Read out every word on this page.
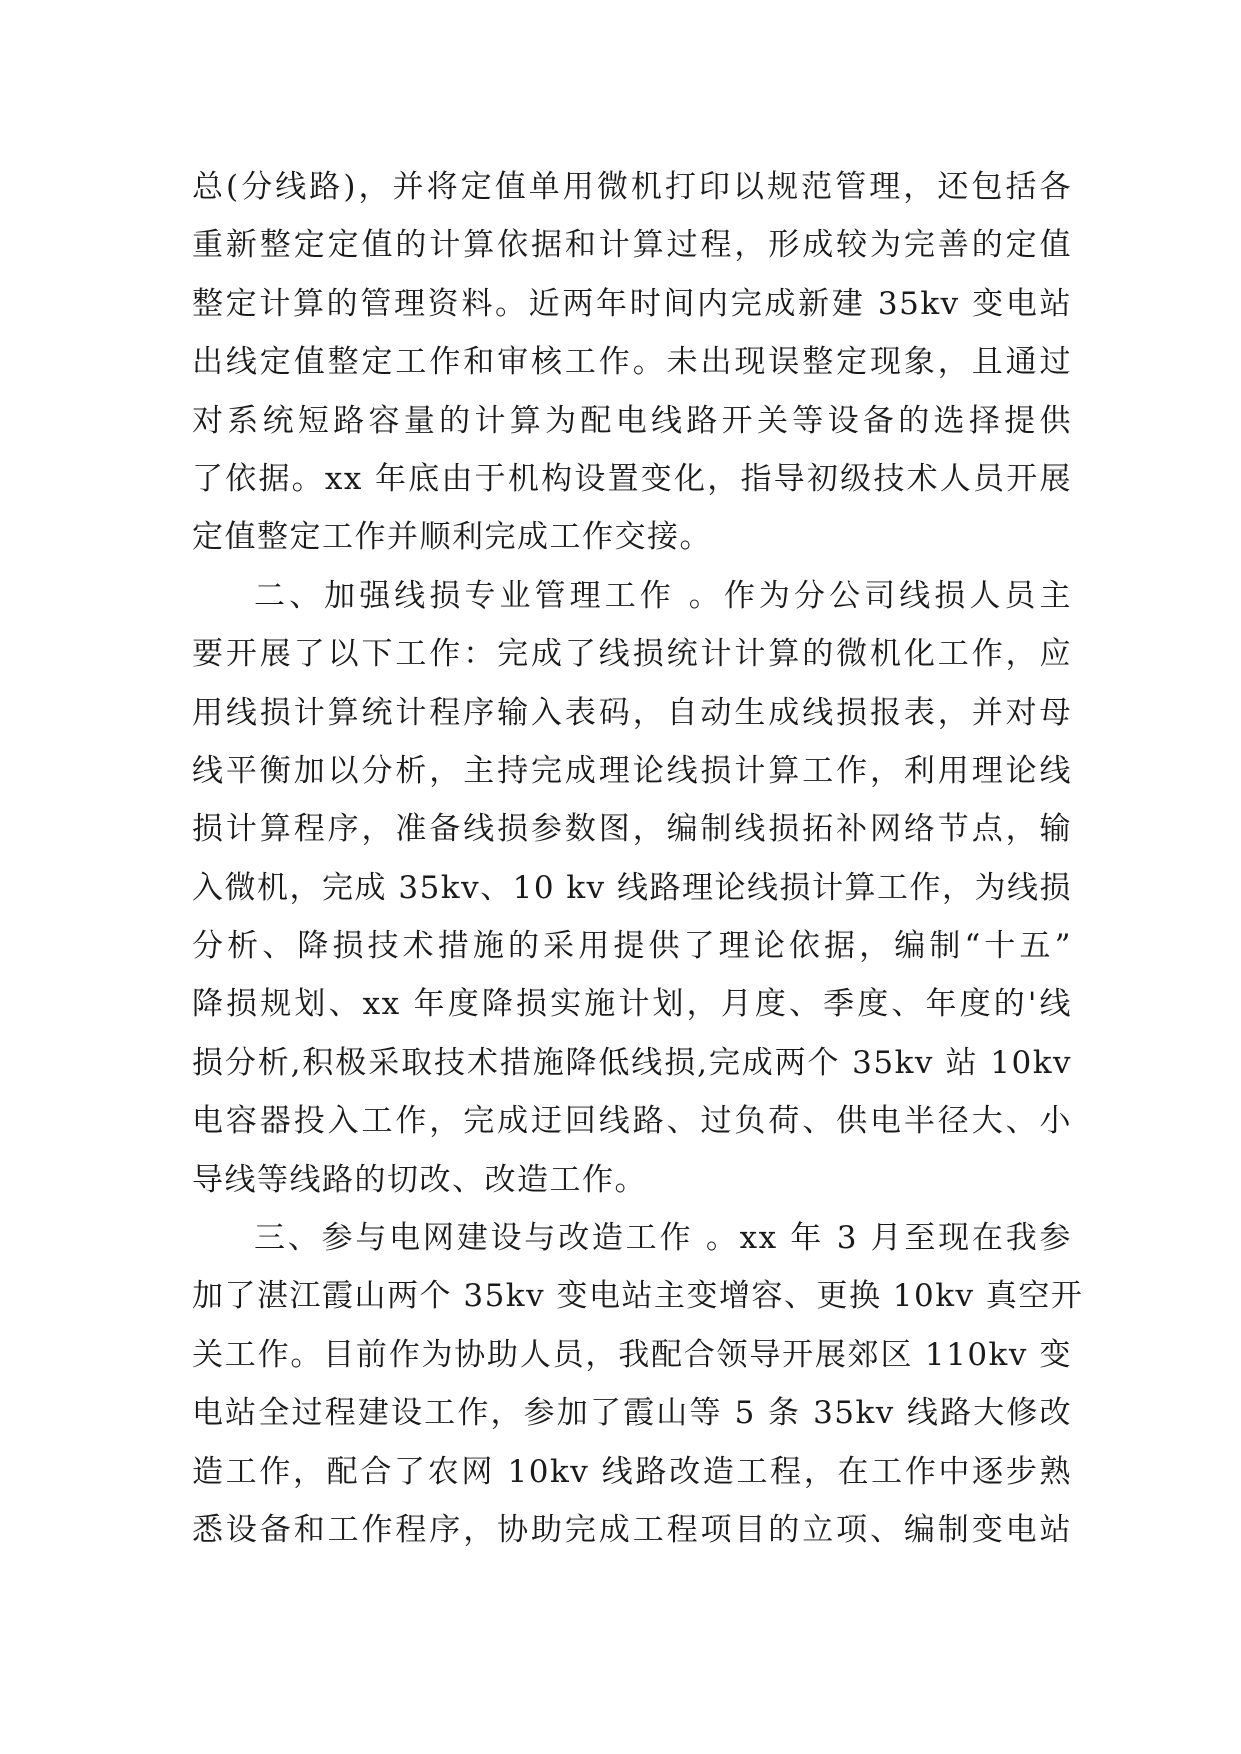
总(分线路)，并将定值单用微机打印以规范管理，还包括各
重新整定定值的计算依据和计算过程，形成较为完善的定值
整定计算的管理资料。近两年时间内完成新建 35kv 变电站
出线定值整定工作和审核工作。未出现误整定现象，且通过
对系统短路容量的计算为配电线路开关等设备的选择提供
了依据。xx 年底由于机构设置变化，指导初级技术人员开展
定值整定工作并顺利完成工作交接。
二、加强线损专业管理工作 。作为分公司线损人员主
要开展了以下工作：完成了线损统计计算的微机化工作，应
用线损计算统计程序输入表码，自动生成线损报表，并对母
线平衡加以分析，主持完成理论线损计算工作，利用理论线
损计算程序，准备线损参数图，编制线损拓补网络节点，输
入微机，完成 35kv、10 kv 线路理论线损计算工作，为线损
分析、降损技术措施的采用提供了理论依据，编制“十五”
降损规划、xx 年度降损实施计划，月度、季度、年度的'线
损分析,积极采取技术措施降低线损,完成两个 35kv 站 10kv
电容器投入工作，完成迂回线路、过负荷、供电半径大、小
导线等线路的切改、改造工作。
三、参与电网建设与改造工作 。xx 年 3 月至现在我参
加了湛江霞山两个 35kv 变电站主变增容、更换 10kv 真空开
关工作。目前作为协助人员，我配合领导开展郊区 110kv 变
电站全过程建设工作，参加了霞山等 5 条 35kv 线路大修改
造工作，配合了农网 10kv 线路改造工程，在工作中逐步熟
悉设备和工作程序，协助完成工程项目的立项、编制变电站
